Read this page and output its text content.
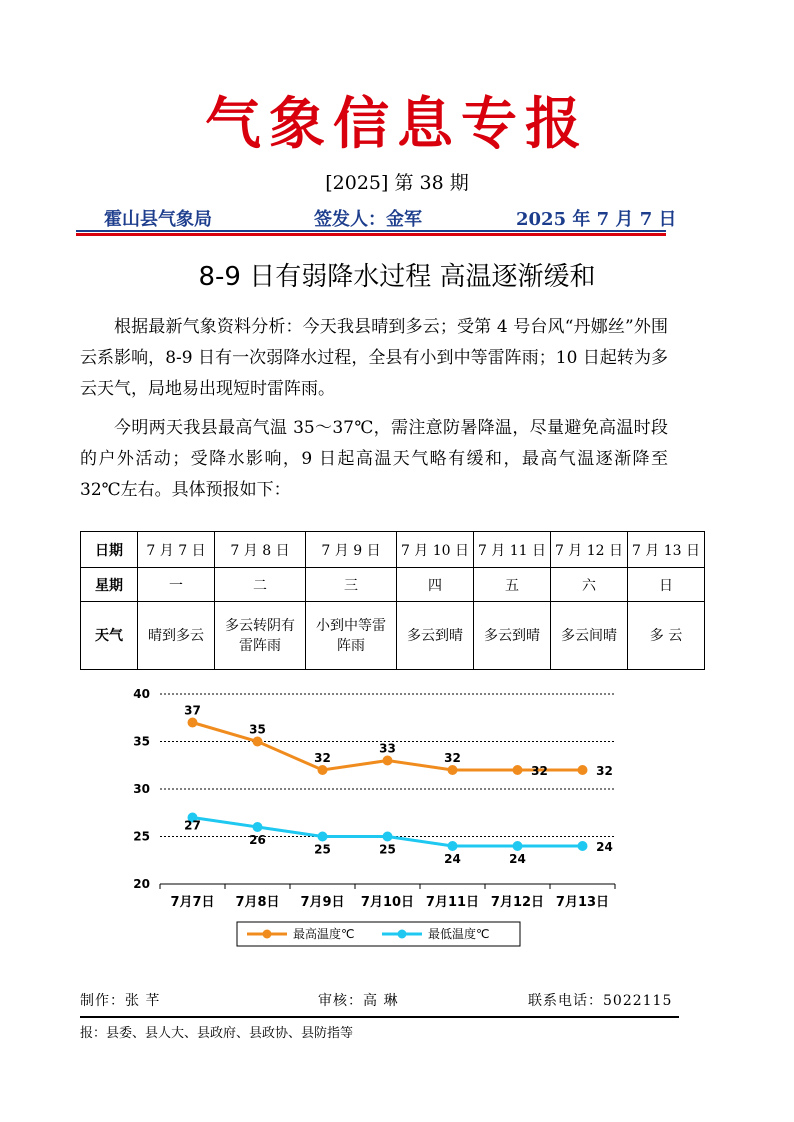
气象信息专报
[2025] 第 38 期
霍山县气象局	签发人：金军	2025 年 7 月 7 日
8-9 日有弱降水过程 高温逐渐缓和
根据最新气象资料分析：今天我县晴到多云；受第 4 号台风“丹娜丝”外围云系影响，8-9 日有一次弱降水过程，全县有小到中等雷阵雨；10 日起转为多云天气，局地易出现短时雷阵雨。
今明两天我县最高气温 35～37℃，需注意防暑降温，尽量避免高温时段的户外活动；受降水影响，9 日起高温天气略有缓和，最高气温逐渐降至 32℃左右。具体预报如下：
日期	7 月 7 日	7 月 8 日	7 月 9 日	7 月 10 日	7 月 11 日	7 月 12 日	7 月 13 日
星期	一	二	三	四	五	六	日
天气	晴到多云	多云转阴有雷阵雨	小到中等雷阵雨	多云到晴	多云到晴	多云间晴	多 云
20
25
30
35
40
7月7日 7月8日 7月9日 7月10日 7月11日 7月12日 7月13日
37
35
32
33
32
32	32
27
26
25	25
24	24
24
最高温度℃	最低温度℃
制作：张 芊	审核：高 琳	联系电话：5022115
报：县委、县人大、县政府、县政协、县防指等
